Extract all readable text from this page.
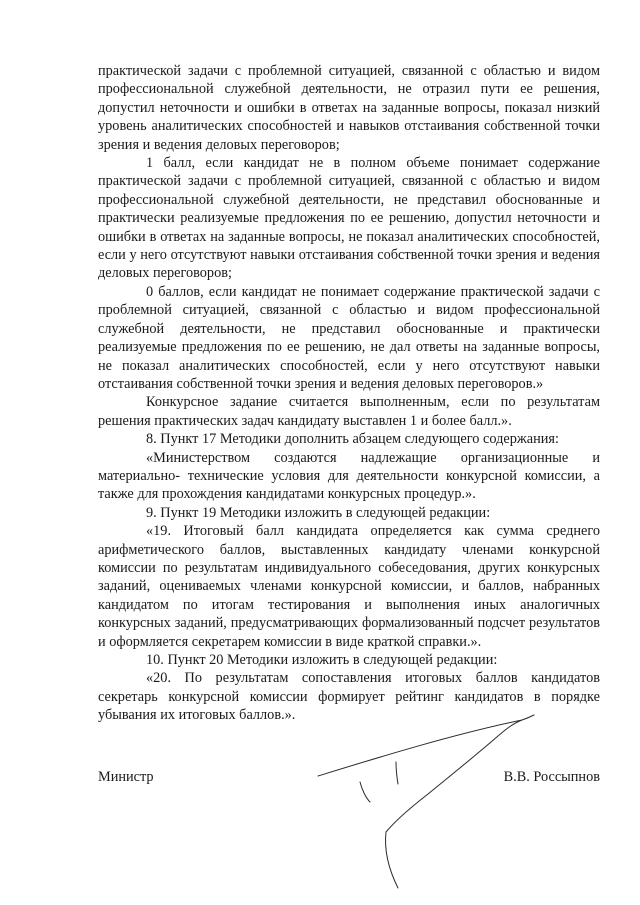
практической задачи с проблемной ситуацией, связанной с областью и видом профессиональной служебной деятельности, не отразил пути ее решения, допустил неточности и ошибки в ответах на заданные вопросы, показал низкий уровень аналитических способностей и навыков отстаивания собственной точки зрения и ведения деловых переговоров;

1 балл, если кандидат не в полном объеме понимает содержание практической задачи с проблемной ситуацией, связанной с областью и видом профессиональной служебной деятельности, не представил обоснованные и практически реализуемые предложения по ее решению, допустил неточности и ошибки в ответах на заданные вопросы, не показал аналитических способностей, если у него отсутствуют навыки отстаивания собственной точки зрения и ведения деловых переговоров;

0 баллов, если кандидат не понимает содержание практической задачи с проблемной ситуацией, связанной с областью и видом профессиональной служебной деятельности, не представил обоснованные и практически реализуемые предложения по ее решению, не дал ответы на заданные вопросы, не показал аналитических способностей, если у него отсутствуют навыки отстаивания собственной точки зрения и ведения деловых переговоров.»

Конкурсное задание считается выполненным, если по результатам решения практических задач кандидату выставлен 1 и более балл.».

8. Пункт 17 Методики дополнить абзацем следующего содержания:

«Министерством создаются надлежащие организационные и материально- технические условия для деятельности конкурсной комиссии, а также для прохождения кандидатами конкурсных процедур.».

9. Пункт 19 Методики изложить в следующей редакции:

«19. Итоговый балл кандидата определяется как сумма среднего арифметического баллов, выставленных кандидату членами конкурсной комиссии по результатам индивидуального собеседования, других конкурсных заданий, оцениваемых членами конкурсной комиссии, и баллов, набранных кандидатом по итогам тестирования и выполнения иных аналогичных конкурсных заданий, предусматривающих формализованный подсчет результатов и оформляется секретарем комиссии в виде краткой справки.».

10. Пункт 20 Методики изложить в следующей редакции:

«20. По результатам сопоставления итоговых баллов кандидатов секретарь конкурсной комиссии формирует рейтинг кандидатов в порядке убывания их итоговых баллов.».

Министр	В.В. Россыпнов
